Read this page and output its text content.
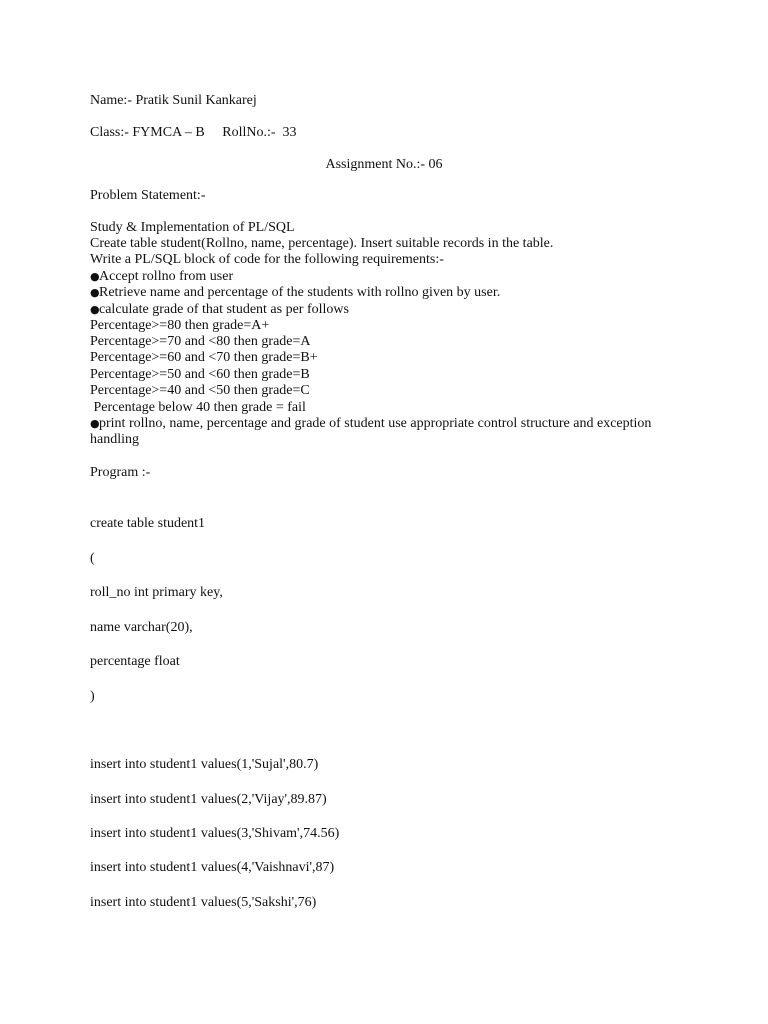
Name:- Pratik Sunil Kankarej
Class:- FYMCA – B     RollNo.:-  33
Assignment No.:- 06
Problem Statement:-
Study & Implementation of PL/SQL
Create table student(Rollno, name, percentage). Insert suitable records in the table.
Write a PL/SQL block of code for the following requirements:-
●Accept rollno from user
●Retrieve name and percentage of the students with rollno given by user.
●calculate grade of that student as per follows
Percentage>=80 then grade=A+
Percentage>=70 and <80 then grade=A
Percentage>=60 and <70 then grade=B+
Percentage>=50 and <60 then grade=B
Percentage>=40 and <50 then grade=C
Percentage below 40 then grade = fail
●print rollno, name, percentage and grade of student use appropriate control structure and exception handling
Program :-
create table student1
(
roll_no int primary key,
name varchar(20),
percentage float
)
insert into student1 values(1,'Sujal',80.7)
insert into student1 values(2,'Vijay',89.87)
insert into student1 values(3,'Shivam',74.56)
insert into student1 values(4,'Vaishnavi',87)
insert into student1 values(5,'Sakshi',76)
